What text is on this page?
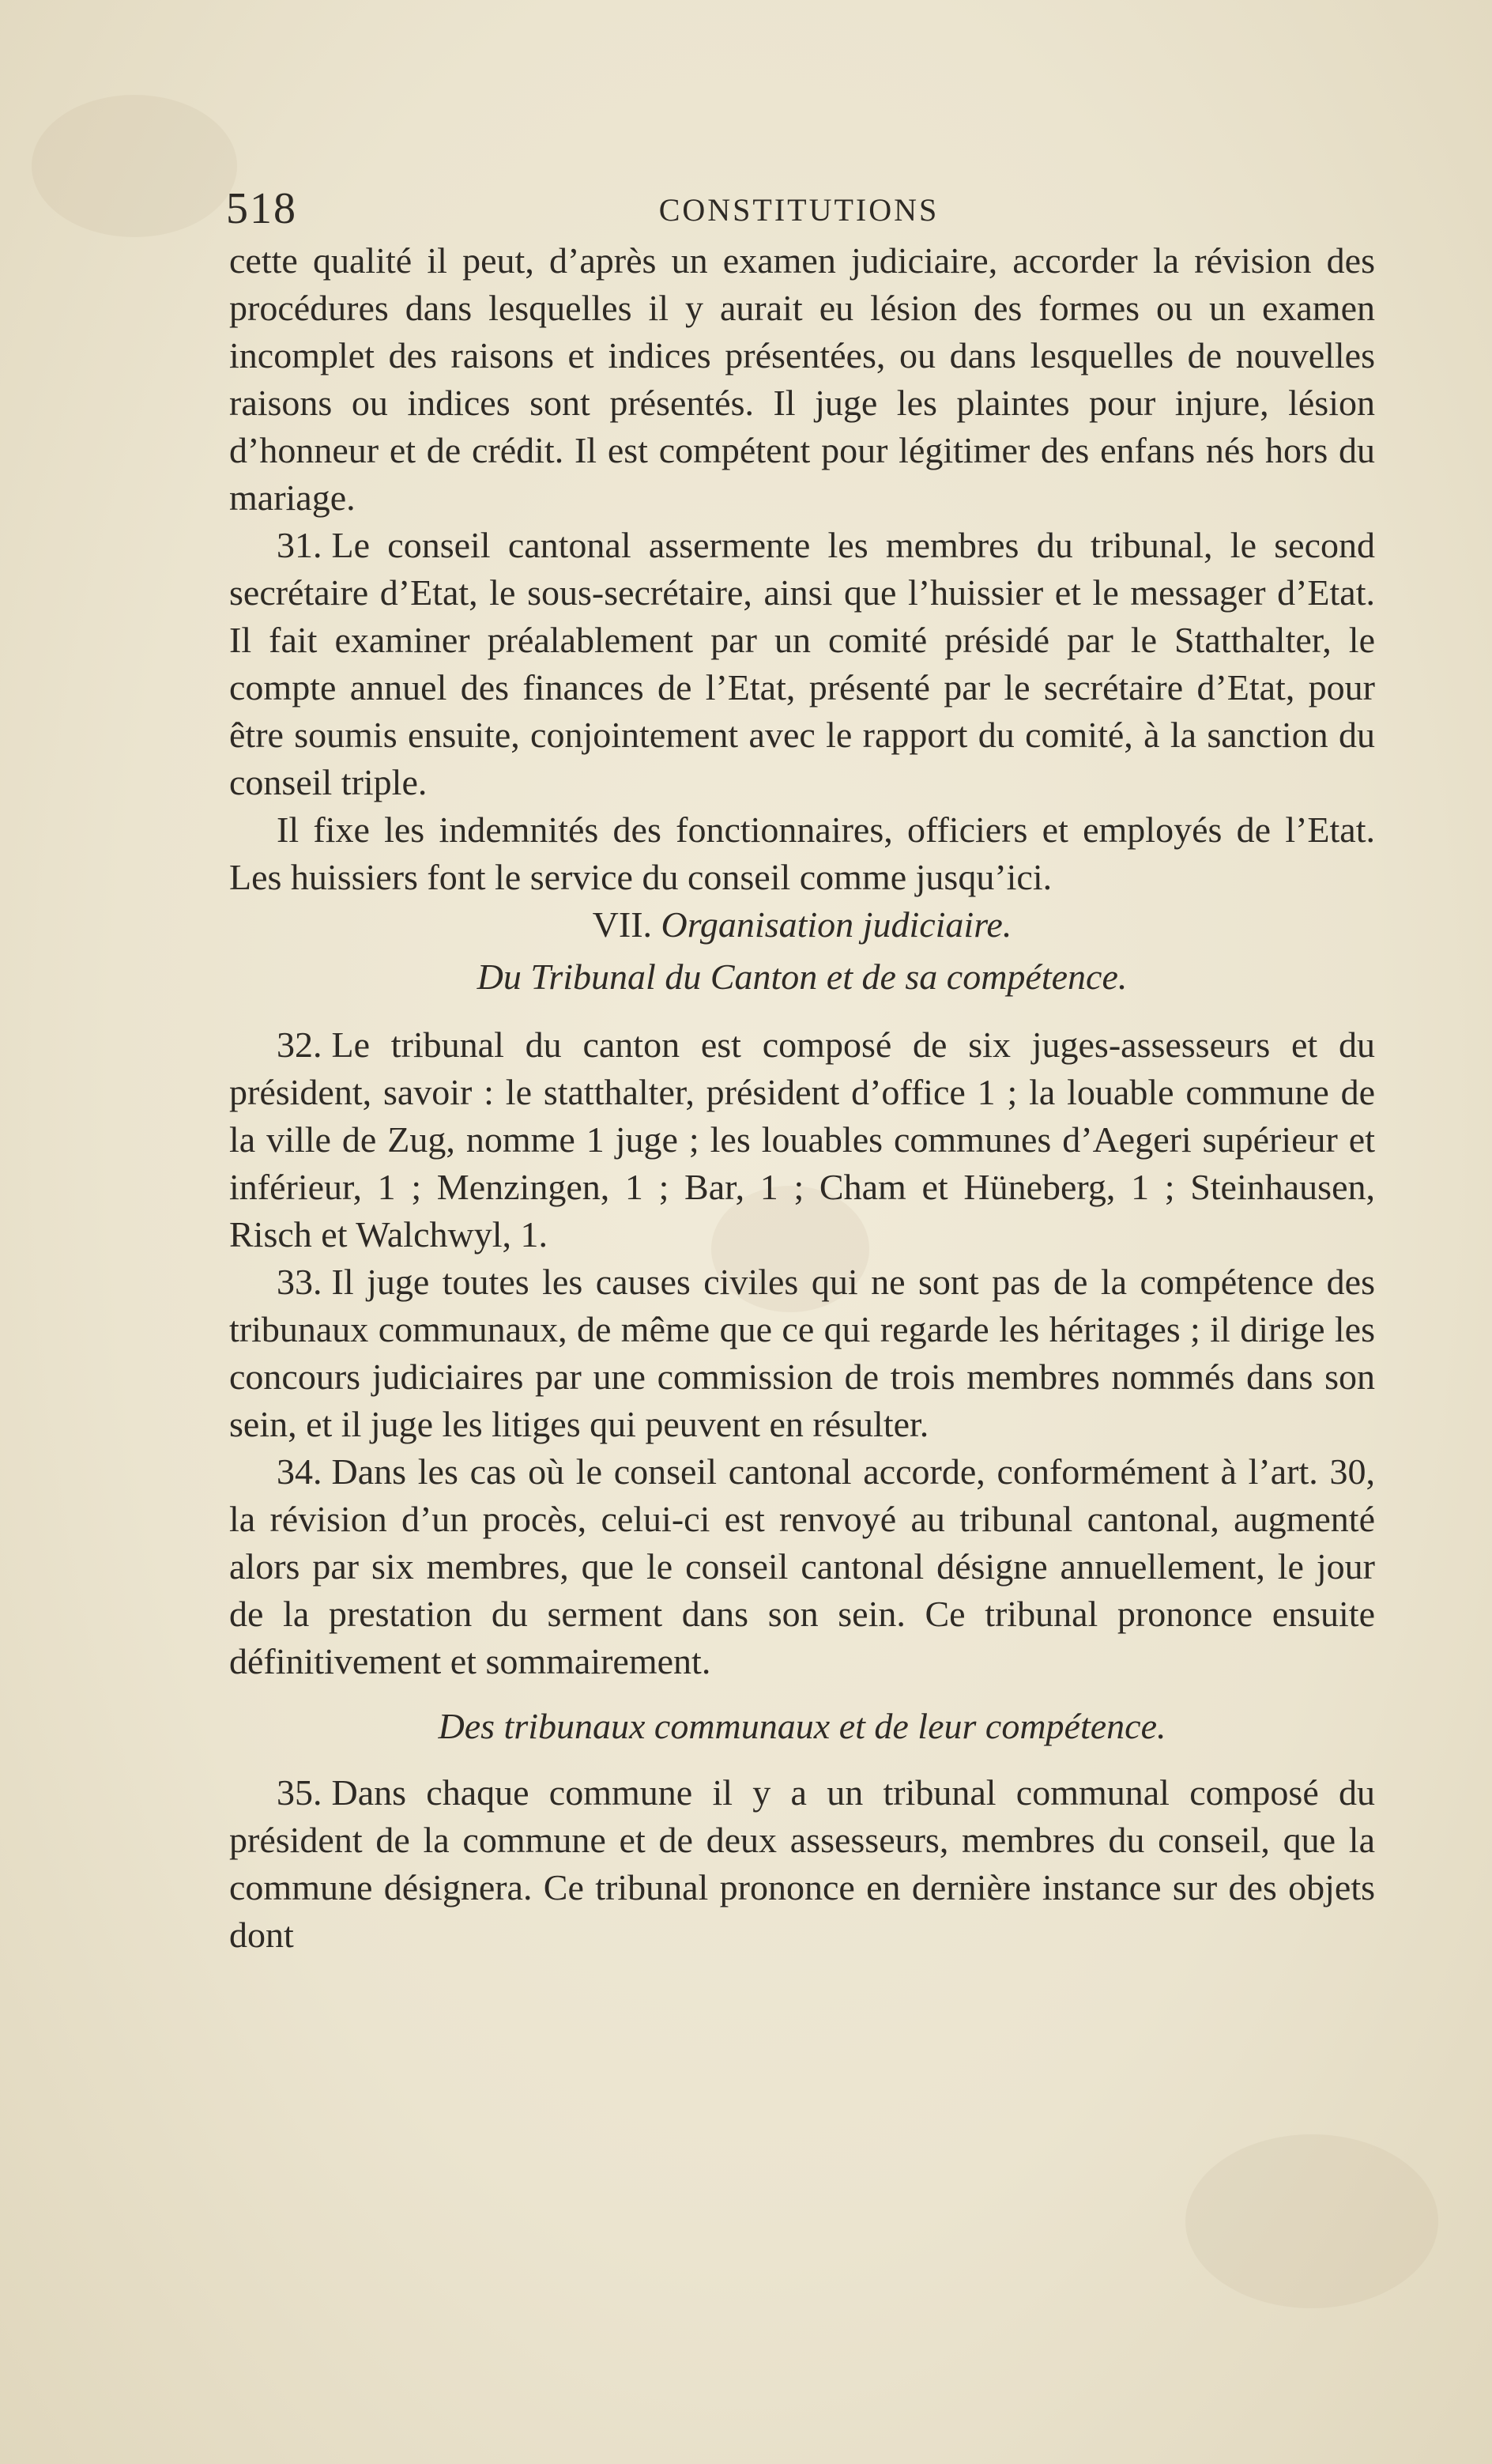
518	CONSTITUTIONS

cette qualité il peut, d’après un examen judiciaire, accorder la révision des procédures dans lesquelles il y aurait eu lésion des formes ou un examen incomplet des raisons et indices présentées, ou dans lesquelles de nouvelles raisons ou indices sont présentés. Il juge les plaintes pour injure, lésion d’honneur et de crédit. Il est compétent pour légitimer des enfans nés hors du mariage.

31. Le conseil cantonal assermente les membres du tribunal, le second secrétaire d’Etat, le sous-secrétaire, ainsi que l’huissier et le messager d’Etat. Il fait examiner préalablement par un comité présidé par le Statthalter, le compte annuel des finances de l’Etat, présenté par le secrétaire d’Etat, pour être soumis ensuite, conjointement avec le rapport du comité, à la sanction du conseil triple.

Il fixe les indemnités des fonctionnaires, officiers et employés de l’Etat. Les huissiers font le service du conseil comme jusqu’ici.

VII. Organisation judiciaire.

Du Tribunal du Canton et de sa compétence.

32. Le tribunal du canton est composé de six juges-assesseurs et du président, savoir : le statthalter, président d’office 1 ; la louable commune de la ville de Zug, nomme 1 juge ; les louables communes d’Aegeri supérieur et inférieur, 1 ; Menzingen, 1 ; Bar, 1 ; Cham et Hüneberg, 1 ; Steinhausen, Risch et Walchwyl, 1.

33. Il juge toutes les causes civiles qui ne sont pas de la compétence des tribunaux communaux, de même que ce qui regarde les héritages ; il dirige les concours judiciaires par une commission de trois membres nommés dans son sein, et il juge les litiges qui peuvent en résulter.

34. Dans les cas où le conseil cantonal accorde, conformément à l’art. 30, la révision d’un procès, celui-ci est renvoyé au tribunal cantonal, augmenté alors par six membres, que le conseil cantonal désigne annuellement, le jour de la prestation du serment dans son sein. Ce tribunal prononce ensuite définitivement et sommairement.

Des tribunaux communaux et de leur compétence.

35. Dans chaque commune il y a un tribunal communal composé du président de la commune et de deux assesseurs, membres du conseil, que la commune désignera. Ce tribunal prononce en dernière instance sur des objets dont
